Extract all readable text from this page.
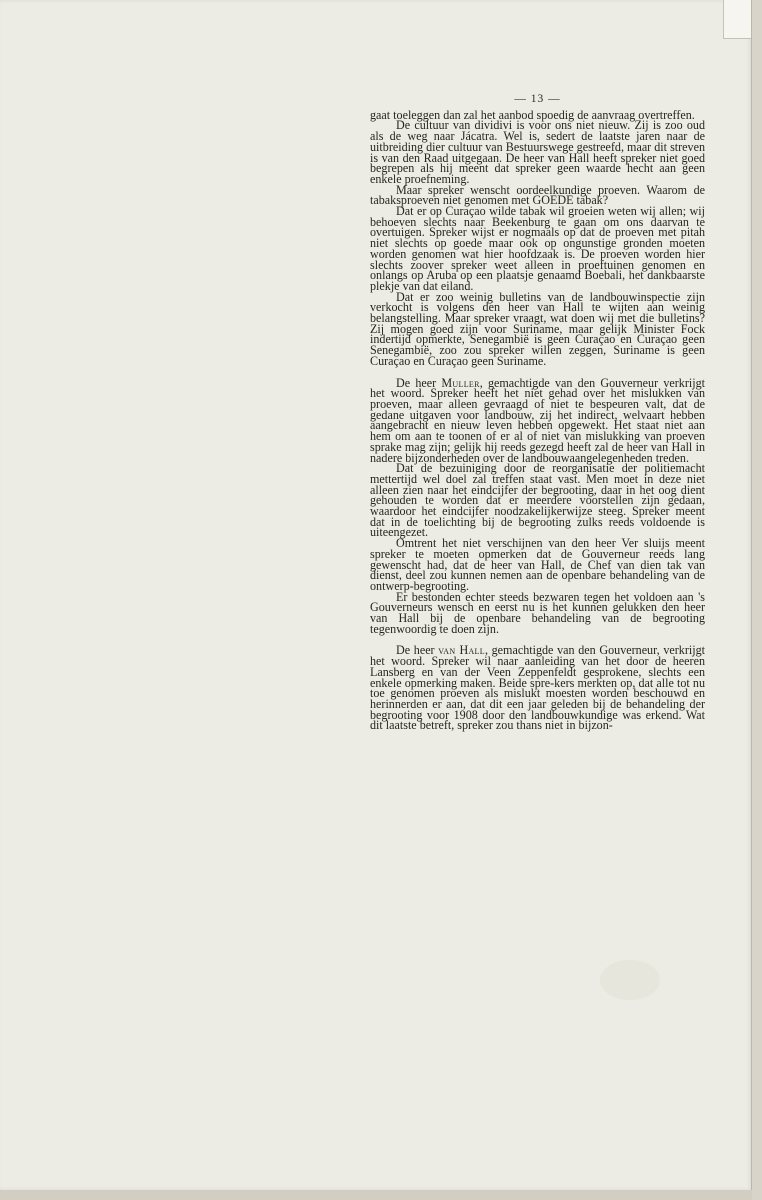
— 13 —

gaat toeleggen dan zal het aanbod spoedig de aanvraag overtreffen.

De cultuur van dividivi is voor ons niet nieuw. Zij is zoo oud als de weg naar Jácatra. Wel is, sedert de laatste jaren naar de uitbreiding dier cultuur van Bestuurswege gestreefd, maar dit streven is van den Raad uitgegaan. De heer van Hall heeft spreker niet goed begrepen als hij meent dat spreker geen waarde hecht aan geen enkele proefneming.

Maar spreker wenscht oordeelkundige proeven. Waarom de tabaksproeven niet genomen met GOEDE tabak?

Dat er op Curaçao wilde tabak wil groeien weten wij allen; wij behoeven slechts naar Beekenburg te gaan om ons daarvan te overtuigen. Spreker wijst er nogmaals op dat de proeven met pitah niet slechts op goede maar ook op ongunstige gronden moeten worden genomen wat hier hoofdzaak is. De proeven worden hier slechts zoover spreker weet alleen in proeftuinen genomen en onlangs op Aruba op een plaatsje genaamd Boebali, het dankbaarste plekje van dat eiland.

Dat er zoo weinig bulletins van de landbouwinspectie zijn verkocht is volgens den heer van Hall te wijten aan weinig belangstelling. Maar spreker vraagt, wat doen wij met die bulletins? Zij mogen goed zijn voor Suriname, maar gelijk Minister Fock indertijd opmerkte, Senegambië is geen Curaçao en Curaçao geen Senegambië, zoo zou spreker willen zeggen, Suriname is geen Curaçao en Curaçao geen Suriname.

De heer Muller, gemachtigde van den Gouverneur verkrijgt het woord. Spreker heeft het niet gehad over het mislukken van proeven, maar alleen gevraagd of niet te bespeuren valt, dat de gedane uitgaven voor landbouw, zij het indirect, welvaart hebben aangebracht en nieuw leven hebben opgewekt. Het staat niet aan hem om aan te toonen of er al of niet van mislukking van proeven sprake mag zijn; gelijk hij reeds gezegd heeft zal de heer van Hall in nadere bijzonderheden over de landbouwaangelegenheden treden.

Dat de bezuiniging door de reorganisatie der politiemacht mettertijd wel doel zal treffen staat vast. Men moet in deze niet alleen zien naar het eindcijfer der begrooting, daar in het oog dient gehouden te worden dat er meerdere voorstellen zijn gedaan, waardoor het eindcijfer noodzakelijkerwijze steeg. Spreker meent dat in de toelichting bij de begrooting zulks reeds voldoende is uiteengezet.

Omtrent het niet verschijnen van den heer Ver sluijs meent spreker te moeten opmerken dat de Gouverneur reeds lang gewenscht had, dat de heer van Hall, de Chef van dien tak van dienst, deel zou kunnen nemen aan de openbare behandeling van de ontwerp-begrooting.

Er bestonden echter steeds bezwaren tegen het voldoen aan 's Gouverneurs wensch en eerst nu is het kunnen gelukken den heer van Hall bij de openbare behandeling van de begrooting tegenwoordig te doen zijn.

De heer van Hall, gemachtigde van den Gouverneur, verkrijgt het woord. Spreker wil naar aanleiding van het door de heeren Lansberg en van der Veen Zeppenfeldt gesprokene, slechts een enkele opmerking maken. Beide spre-kers merkten op, dat alle tot nu toe genomen proeven als mislukt moesten worden beschouwd en herinnerden er aan, dat dit een jaar geleden bij de behandeling der begrooting voor 1908 door den landbouwkundige was erkend. Wat dit laatste betreft, spreker zou thans niet in bijzon-
